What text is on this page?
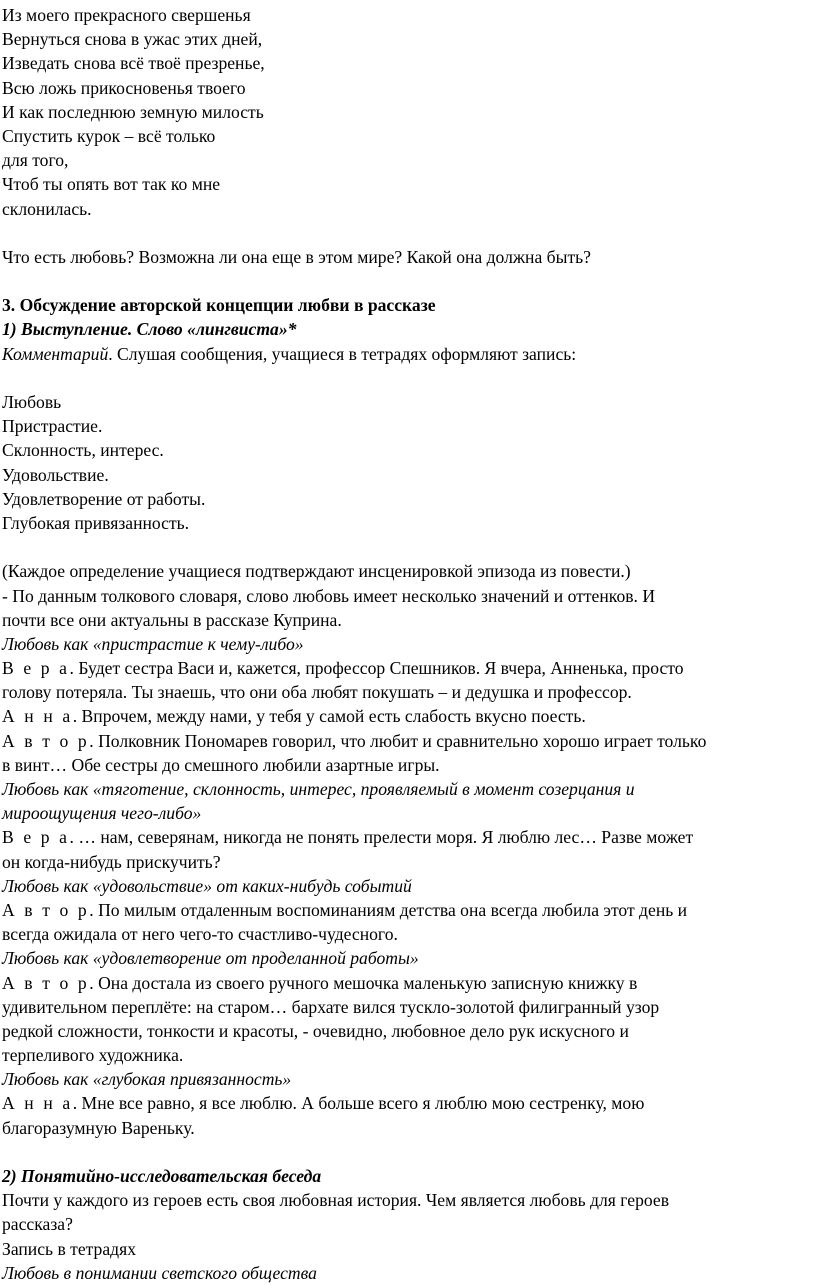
Из моего прекрасного свершенья
Вернуться снова в ужас этих дней,
Изведать снова всё твоё презренье,
Всю ложь прикосновенья твоего
И как последнюю земную милость
Спустить курок – всё только
для того,
Чтоб ты опять вот так ко мне
склонилась.
Что есть любовь? Возможна ли она еще в этом мире? Какой она должна быть?
3. Обсуждение авторской концепции любви в рассказе
1) Выступление. Слово «лингвиста»*
Комментарий. Слушая сообщения, учащиеся в тетрадях оформляют запись:
Любовь
Пристрастие.
Склонность, интерес.
Удовольствие.
Удовлетворение от работы.
Глубокая привязанность.
(Каждое определение учащиеся подтверждают инсценировкой эпизода из повести.)
- По данным толкового словаря, слово любовь имеет несколько значений и оттенков. И
почти все они актуальны в рассказе Куприна.
Любовь как «пристрастие к чему-либо»
В е р а. Будет сестра Васи и, кажется, профессор Спешников. Я вчера, Анненька, просто
голову потеряла. Ты знаешь, что они оба любят покушать – и дедушка и профессор.
А н н а. Впрочем, между нами, у тебя у самой есть слабость вкусно поесть.
А в т о р. Полковник Пономарев говорил, что любит и сравнительно хорошо играет только
в винт… Обе сестры до смешного любили азартные игры.
Любовь как «тяготение, склонность, интерес, проявляемый в момент созерцания и
мироощущения чего-либо»
В е р а. … нам, северянам, никогда не понять прелести моря. Я люблю лес… Разве может
он когда-нибудь прискучить?
Любовь как «удовольствие» от каких-нибудь событий
А в т о р. По милым отдаленным воспоминаниям детства она всегда любила этот день и
всегда ожидала от него чего-то счастливо-чудесного.
Любовь как «удовлетворение от проделанной работы»
А в т о р. Она достала из своего ручного мешочка маленькую записную книжку в
удивительном переплёте: на старом… бархате вился тускло-золотой филигранный узор
редкой сложности, тонкости и красоты, - очевидно, любовное дело рук искусного и
терпеливого художника.
Любовь как «глубокая привязанность»
А н н а. Мне все равно, я все люблю. А больше всего я люблю мою сестренку, мою
благоразумную Вареньку.
2) Понятийно-исследовательская беседа
Почти у каждого из героев есть своя любовная история. Чем является любовь для героев
рассказа?
Запись в тетрадях
Любовь в понимании светского общества
